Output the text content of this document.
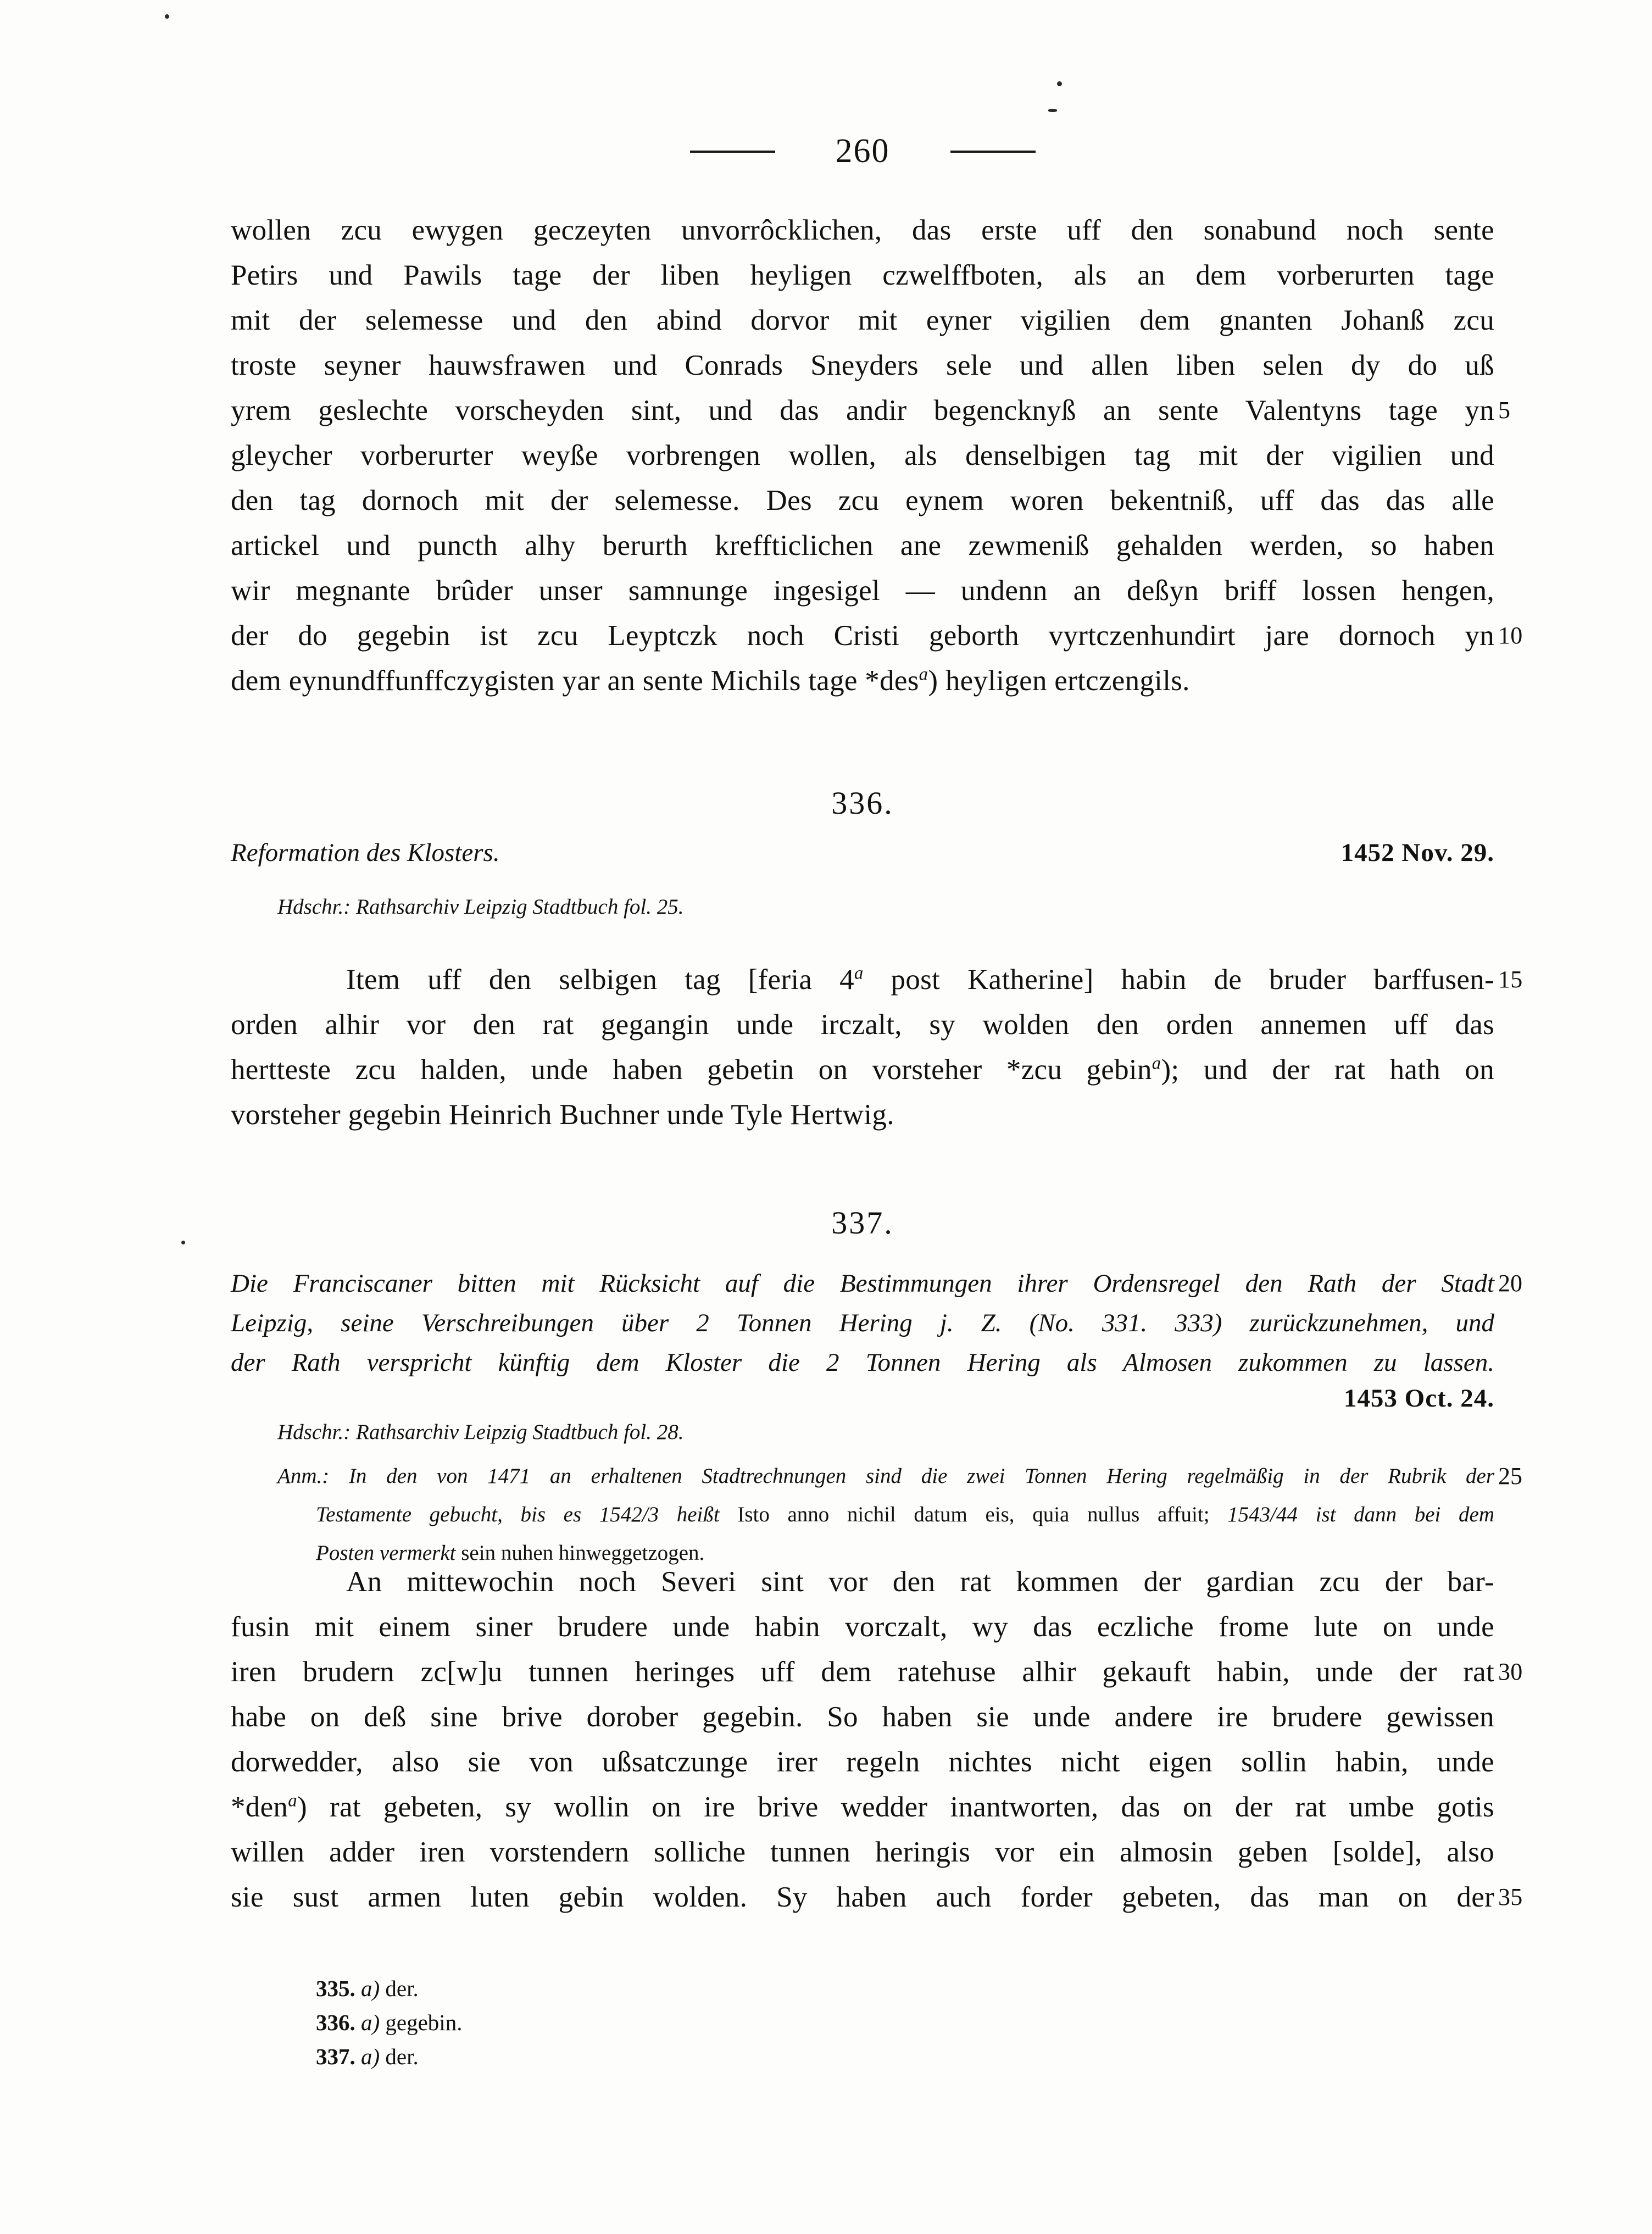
260
wollen zcu ewygen geczeyten unvorrôcklichen, das erste uff den sonabund noch sente
Petirs und Pawils tage der liben heyligen czwelffboten, als an dem vorberurten tage
mit der selemesse und den abind dorvor mit eyner vigilien dem gnanten Johanß zcu
troste seyner hauwsfrawen und Conrads Sneyders sele und allen liben selen dy do uß
yrem geslechte vorscheyden sint, und das andir begencknyß an sente Valentyns tage yn 5
gleycher vorberurter weyße vorbrengen wollen, als denselbigen tag mit der vigilien und
den tag dornoch mit der selemesse. Des zcu eynem woren bekentniß, uff das das alle
artickel und puncth alhy berurth kreffticlichen ane zewmeniß gehalden werden, so haben
wir megnante brûder unser samnunge ingesigel — undenn an deßyn briff lossen hengen,
der do gegebin ist zcu Leyptczk noch Cristi geborth vyrtczenhundirt jare dornoch yn 10
dem eynundffunffczygisten yar an sente Michils tage *des$^a$) heyligen ertczengils.
336.
Reformation des Klosters.	1452 Nov. 29.
Hdschr.: Rathsarchiv Leipzig Stadtbuch fol. 25.
Item uff den selbigen tag [feria 4$^a$ post Katherine] habin de bruder barffusen- 15
orden alhir vor den rat gegangin unde irczalt, sy wolden den orden annemen uff das
hertteste zcu halden, unde haben gebetin on vorsteher *zcu gebin$^a$); und der rat hath on
vorsteher gegebin Heinrich Buchner unde Tyle Hertwig.
337.
Die Franciscaner bitten mit Rücksicht auf die Bestimmungen ihrer Ordensregel den Rath der Stadt 20
Leipzig, seine Verschreibungen über 2 Tonnen Hering j. Z. (No. 331. 333) zurückzunehmen, und
der Rath verspricht künftig dem Kloster die 2 Tonnen Hering als Almosen zukommen zu lassen.
1453 Oct. 24.
Hdschr.: Rathsarchiv Leipzig Stadtbuch fol. 28.
Anm.: In den von 1471 an erhaltenen Stadtrechnungen sind die zwei Tonnen Hering regelmäßig in der Rubrik der 25
Testamente gebucht, bis es 1542/3 heißt Isto anno nichil datum eis, quia nullus affuit; 1543/44 ist dann bei dem
Posten vermerkt sein nuhen hinweggetzogen.
An mittewochin noch Severi sint vor den rat kommen der gardian zcu der bar-
fusin mit einem siner brudere unde habin vorczalt, wy das eczliche frome lute on unde
iren brudern zc[w]u tunnen heringes uff dem ratehuse alhir gekauft habin, unde der rat 30
habe on deß sine brive dorober gegebin. So haben sie unde andere ire brudere gewissen
dorwedder, also sie von ußsatczunge irer regeln nichtes nicht eigen sollin habin, unde
*den$^a$) rat gebeten, sy wollin on ire brive wedder inantworten, das on der rat umbe gotis
willen adder iren vorstendern solliche tunnen heringis vor ein almosin geben [solde], also
sie sust armen luten gebin wolden. Sy haben auch forder gebeten, das man on der 35
335. a) der.
336. a) gegebin.
337. a) der.
